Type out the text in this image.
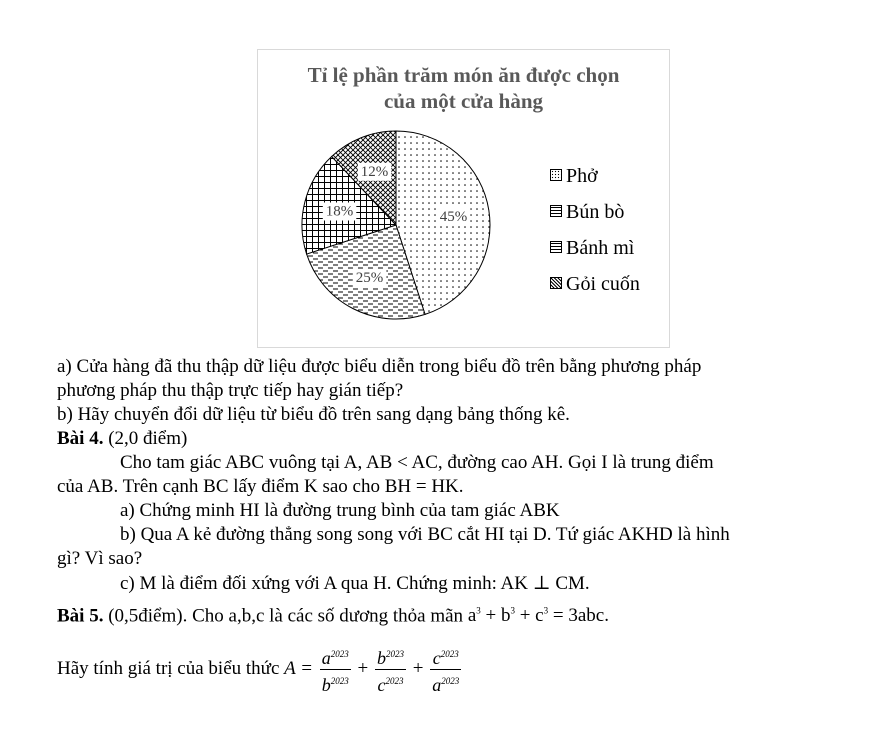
45%
25%
18%
12%
Tỉ lệ phần trăm món ăn được chọn
của một cửa hàng
Phở
Bún bò
Bánh mì
Gỏi cuốn
a) Cửa hàng đã thu thập dữ liệu được biểu diễn trong biểu đồ trên bằng phương pháp
phương pháp thu thập trực tiếp hay gián tiếp?
b) Hãy chuyển đổi dữ liệu từ biểu đồ trên sang dạng bảng thống kê.
Bài 4. (2,0 điểm)
Cho tam giác ABC vuông tại A, AB < AC, đường cao AH. Gọi I là trung điểm
của AB. Trên cạnh BC lấy điểm K sao cho BH = HK.
a) Chứng minh HI là đường trung bình của tam giác ABK
b) Qua A kẻ đường thẳng song song với BC cắt HI tại D. Tứ giác AKHD là hình
gì? Vì sao?
c) M là điểm đối xứng với A qua H. Chứng minh: AK ⊥ CM.
Bài 5. (0,5điểm). Cho a,b,c là các số dương thỏa mãn $a^3 + b^3 + c^3 = 3abc$.
Hãy tính giá trị của biểu thức $A = \frac{a^{2023}}{b^{2023}} + \frac{b^{2023}}{c^{2023}} + \frac{c^{2023}}{a^{2023}}$
